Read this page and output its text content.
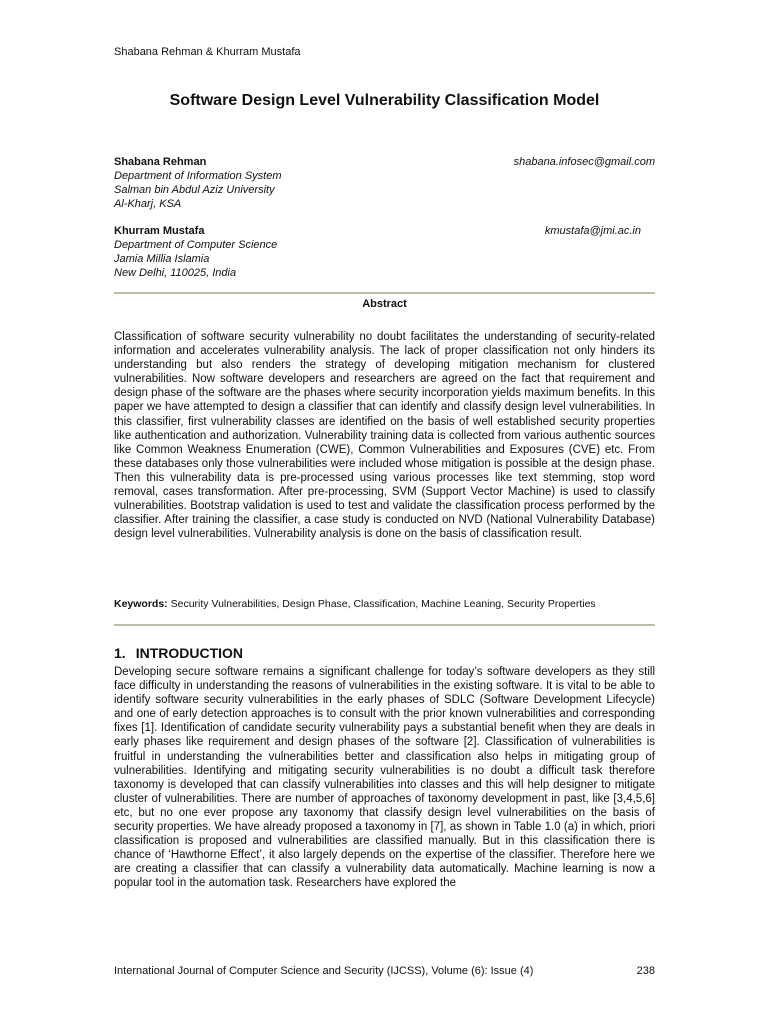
Shabana Rehman & Khurram Mustafa
Software Design Level Vulnerability Classification Model
Shabana Rehman	shabana.infosec@gmail.com
Department of Information System
Salman bin Abdul Aziz University
Al-Kharj, KSA
Khurram Mustafa	kmustafa@jmi.ac.in
Department of Computer Science
Jamia Millia Islamia
New Delhi, 110025, India
Abstract

Classification of software security vulnerability no doubt facilitates the understanding of security-related information and accelerates vulnerability analysis. The lack of proper classification not only hinders its understanding but also renders the strategy of developing mitigation mechanism for clustered vulnerabilities. Now software developers and researchers are agreed on the fact that requirement and design phase of the software are the phases where security incorporation yields maximum benefits. In this paper we have attempted to design a classifier that can identify and classify design level vulnerabilities. In this classifier, first vulnerability classes are identified on the basis of well established security properties like authentication and authorization. Vulnerability training data is collected from various authentic sources like Common Weakness Enumeration (CWE), Common Vulnerabilities and Exposures (CVE) etc. From these databases only those vulnerabilities were included whose mitigation is possible at the design phase. Then this vulnerability data is pre-processed using various processes like text stemming, stop word removal, cases transformation. After pre-processing, SVM (Support Vector Machine) is used to classify vulnerabilities. Bootstrap validation is used to test and validate the classification process performed by the classifier. After training the classifier, a case study is conducted on NVD (National Vulnerability Database) design level vulnerabilities. Vulnerability analysis is done on the basis of classification result.

Keywords: Security Vulnerabilities, Design Phase, Classification, Machine Leaning, Security Properties
1. INTRODUCTION

Developing secure software remains a significant challenge for today’s software developers as they still face difficulty in understanding the reasons of vulnerabilities in the existing software. It is vital to be able to identify software security vulnerabilities in the early phases of SDLC (Software Development Lifecycle) and one of early detection approaches is to consult with the prior known vulnerabilities and corresponding fixes [1]. Identification of candidate security vulnerability pays a substantial benefit when they are deals in early phases like requirement and design phases of the software [2]. Classification of vulnerabilities is fruitful in understanding the vulnerabilities better and classification also helps in mitigating group of vulnerabilities. Identifying and mitigating security vulnerabilities is no doubt a difficult task therefore taxonomy is developed that can classify vulnerabilities into classes and this will help designer to mitigate cluster of vulnerabilities. There are number of approaches of taxonomy development in past, like [3,4,5,6] etc, but no one ever propose any taxonomy that classify design level vulnerabilities on the basis of security properties. We have already proposed a taxonomy in [7], as shown in Table 1.0 (a) in which, priori classification is proposed and vulnerabilities are classified manually. But in this classification there is chance of ‘Hawthorne Effect’, it also largely depends on the expertise of the classifier. Therefore here we are creating a classifier that can classify a vulnerability data automatically. Machine learning is now a popular tool in the automation task. Researchers have explored the

International Journal of Computer Science and Security (IJCSS), Volume (6): Issue (4)	238
